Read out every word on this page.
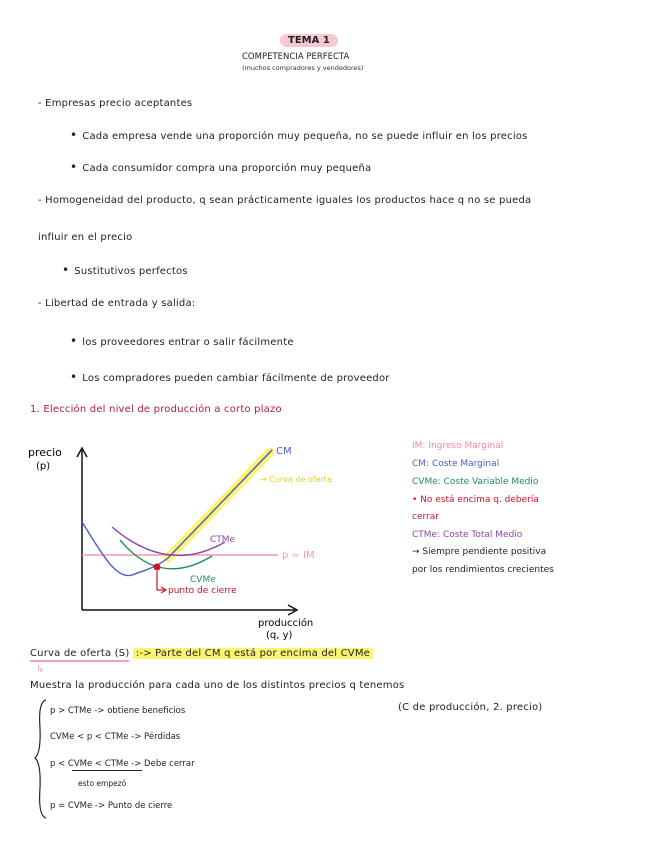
TEMA 1
COMPETENCIA PERFECTA
(muchos compradores y vendedores)
- Empresas precio aceptantes
• Cada empresa vende una proporción muy pequeña, no se puede influir en los precios
• Cada consumidor compra una proporción muy pequeña
- Homogeneidad del producto, q sean prácticamente iguales los productos hace q no se pueda
influir en el precio
• Sustitutivos perfectos
- Libertad de entrada y salida:
• los proveedores entrar o salir fácilmente
• Los compradores pueden cambiar fácilmente de proveedor
1. Elección del nivel de producción a corto plazo
precio
(p)
p = IM
CTMe
CVMe
CM
→ Curva de oferta
punto de cierre
producción
(q, y)
IM: Ingreso Marginal
CM: Coste Marginal
CVMe: Coste Variable Medio
• No está encima q. debería
cerrar
CTMe: Coste Total Medio
→ Siempre pendiente positiva
por los rendimientos crecientes
Curva de oferta (S) :-> Parte del CM q está por encima del CVMe
↳
Muestra la producción para cada uno de los distintos precios q tenemos
(C de producción, 2. precio)
p > CTMe -> obtiene beneficios
CVMe < p < CTMe -> Pérdidas
p < CVMe < CTMe -> Debe cerrar
esto empezó
p = CVMe -> Punto de cierre
